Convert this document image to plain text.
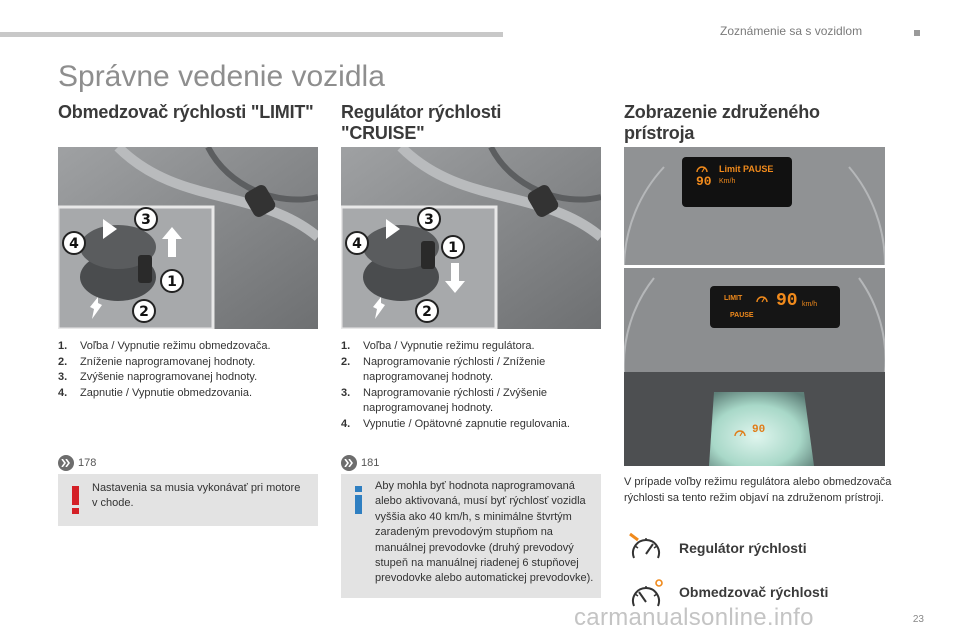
Zoznámenie sa s vozidlom
Správne vedenie vozidla
Obmedzovač rýchlosti "LIMIT"
3
4
1
2
1.	Voľba / Vypnutie režimu obmedzovača.
2.	Zníženie naprogramovanej hodnoty.
3.	Zvýšenie naprogramovanej hodnoty.
4.	Zapnutie / Vypnutie obmedzovania.
178
Nastavenia sa musia vykonávať pri motore v chode.
Regulátor rýchlosti "CRUISE"
3
4	1
2
1.	Voľba / Vypnutie režimu regulátora.
2.	Naprogramovanie rýchlosti / Zníženie naprogramovanej hodnoty.
3.	Naprogramovanie rýchlosti / Zvýšenie naprogramovanej hodnoty.
4.	Vypnutie / Opätovné zapnutie regulovania.
181
Aby mohla byť hodnota naprogramovaná alebo aktivovaná, musí byť rýchlosť vozidla vyššia ako 40 km/h, s minimálne štvrtým zaradeným prevodovým stupňom na manuálnej prevodovke (druhý prevodový stupeň na manuálnej riadenej 6 stupňovej prevodovke alebo automatickej prevodovke).
Zobrazenie združeného prístroja
Limit PAUSE
90 Km/h
LIMIT
PAUSE
90 km/h
90
V prípade voľby režimu regulátora alebo obmedzovača rýchlosti sa tento režim objaví na združenom prístroji.
Regulátor rýchlosti
Obmedzovač rýchlosti
carmanualsonline.info	23
